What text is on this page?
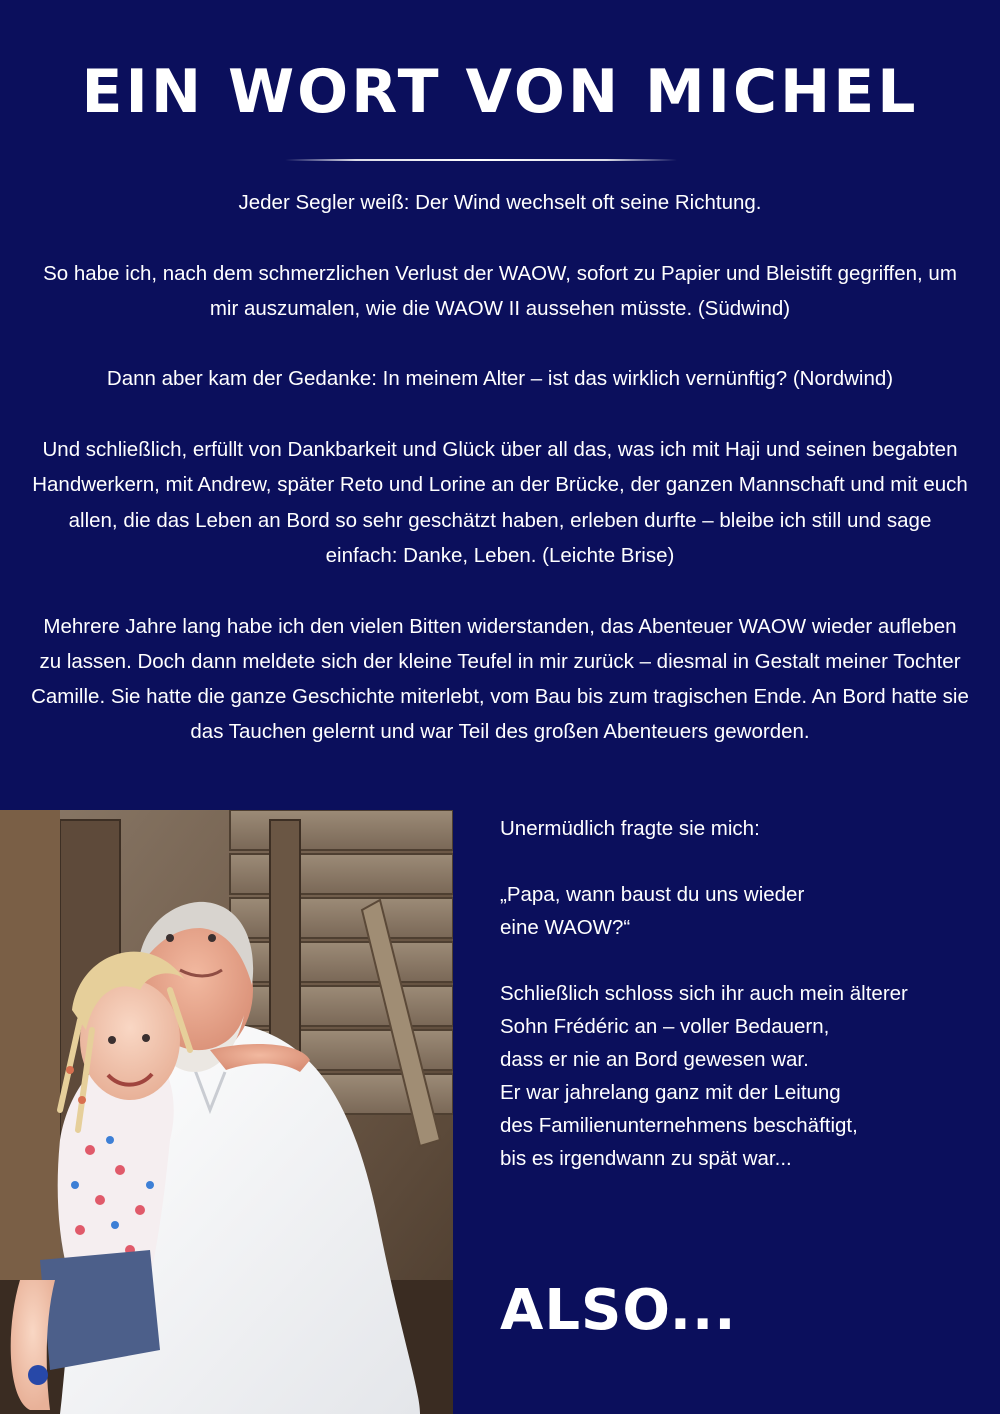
EIN WORT VON MICHEL

Jeder Segler weiß: Der Wind wechselt oft seine Richtung.

So habe ich, nach dem schmerzlichen Verlust der WAOW, sofort zu Papier und Bleistift gegriffen, um mir auszumalen, wie die WAOW II aussehen müsste. (Südwind)

Dann aber kam der Gedanke: In meinem Alter – ist das wirklich vernünftig? (Nordwind)

Und schließlich, erfüllt von Dankbarkeit und Glück über all das, was ich mit Haji und seinen begabten Handwerkern, mit Andrew, später Reto und Lorine an der Brücke, der ganzen Mannschaft und mit euch allen, die das Leben an Bord so sehr geschätzt haben, erleben durfte – bleibe ich still und sage einfach: Danke, Leben. (Leichte Brise)

Mehrere Jahre lang habe ich den vielen Bitten widerstanden, das Abenteuer WAOW wieder aufleben zu lassen. Doch dann meldete sich der kleine Teufel in mir zurück – diesmal in Gestalt meiner Tochter Camille. Sie hatte die ganze Geschichte miterlebt, vom Bau bis zum tragischen Ende. An Bord hatte sie das Tauchen gelernt und war Teil des großen Abenteuers geworden.

Unermüdlich fragte sie mich:

„Papa, wann baust du uns wieder
eine WAOW?“

Schließlich schloss sich ihr auch mein älterer
Sohn Frédéric an – voller Bedauern,
dass er nie an Bord gewesen war.
Er war jahrelang ganz mit der Leitung
des Familienunternehmens beschäftigt,
bis es irgendwann zu spät war...

ALSO...
